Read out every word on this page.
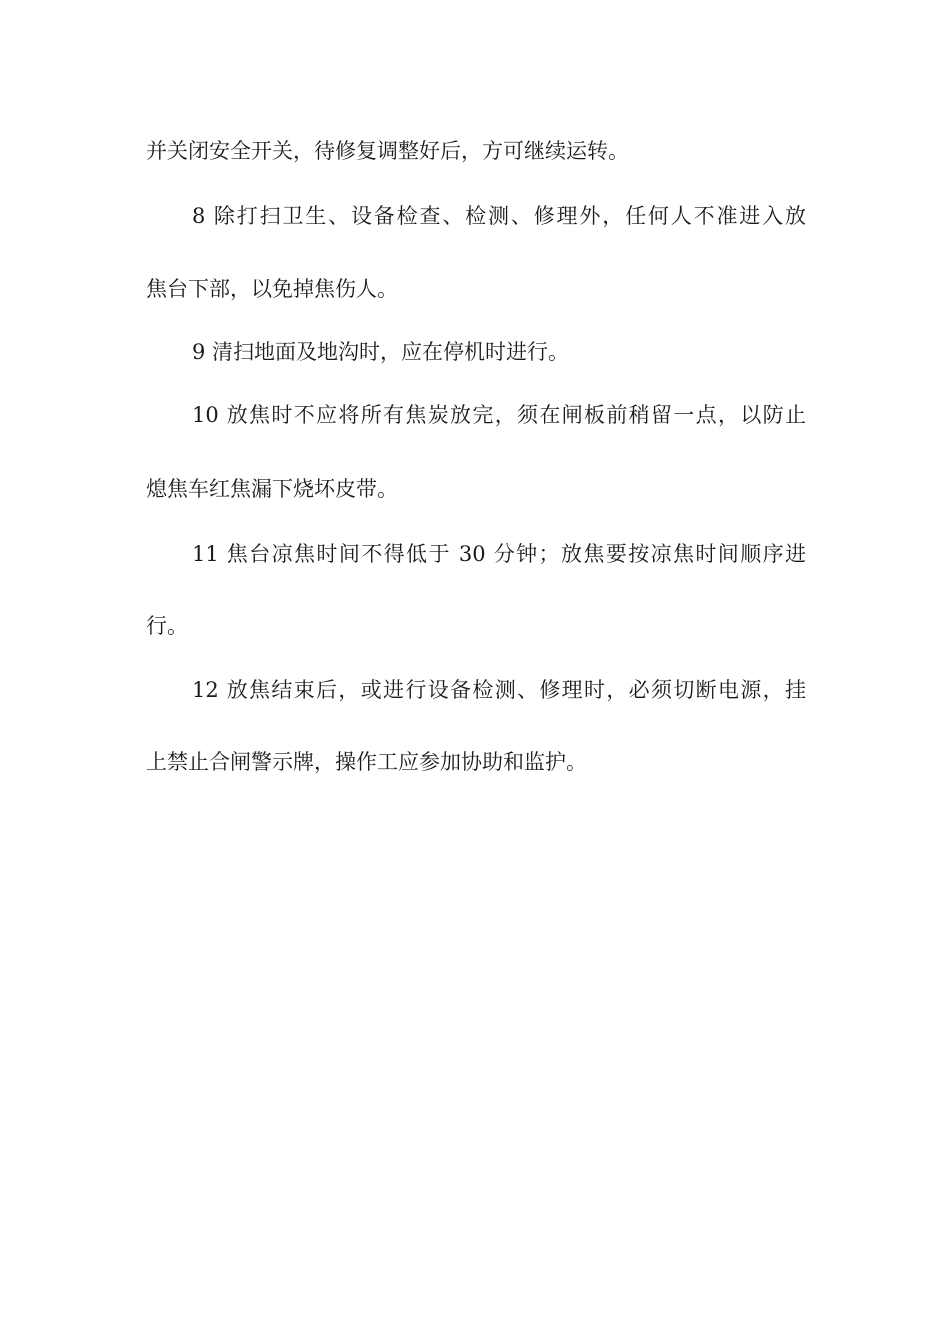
并关闭安全开关，待修复调整好后，方可继续运转。
8 除打扫卫生、设备检查、检测、修理外，任何人不准进入放
焦台下部，以免掉焦伤人。
9 清扫地面及地沟时，应在停机时进行。
10 放焦时不应将所有焦炭放完，须在闸板前稍留一点，以防止
熄焦车红焦漏下烧坏皮带。
11 焦台凉焦时间不得低于 30 分钟；放焦要按凉焦时间顺序进
行。
12 放焦结束后，或进行设备检测、修理时，必须切断电源，挂
上禁止合闸警示牌，操作工应参加协助和监护。
